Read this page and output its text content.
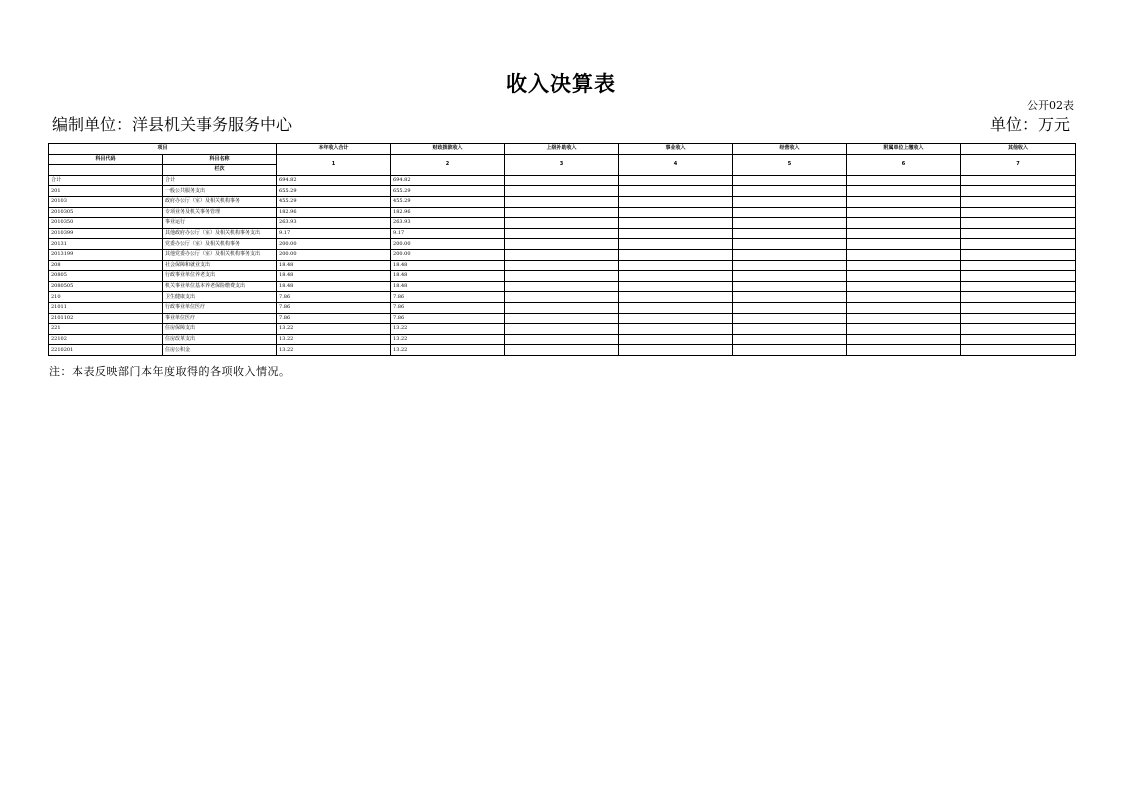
收入决算表
公开02表
编制单位：洋县机关事务服务中心	单位：万元
项目		本年收入合计	财政拨款收入	上级补助收入	事业收入	经营收入	附属单位上缴收入	其他收入
科目代码	科目名称	1	2	3	4	5	6	7
	栏次							
合计	合计	694.82	694.82					
201	一般公共服务支出	655.29	655.29					
20103	政府办公厅（室）及相关机构事务	455.29	455.29					
2010305	专项业务及机关事务管理	182.96	182.96					
2010350	事业运行	263.93	263.93					
2010399	其他政府办公厅（室）及相关机构事务支出	9.17	9.17					
20131	党委办公厅（室）及相关机构事务	200.00	200.00					
2013199	其他党委办公厅（室）及相关机构事务支出	200.00	200.00					
208	社会保障和就业支出	18.48	18.48					
20805	行政事业单位养老支出	18.48	18.48					
2080505	机关事业单位基本养老保险缴费支出	18.48	18.48					
210	卫生健康支出	7.86	7.86					
21011	行政事业单位医疗	7.86	7.86					
2101102	事业单位医疗	7.86	7.86					
221	住房保障支出	13.22	13.22					
22102	住房改革支出	13.22	13.22					
2210201	住房公积金	13.22	13.22					
注：本表反映部门本年度取得的各项收入情况。
